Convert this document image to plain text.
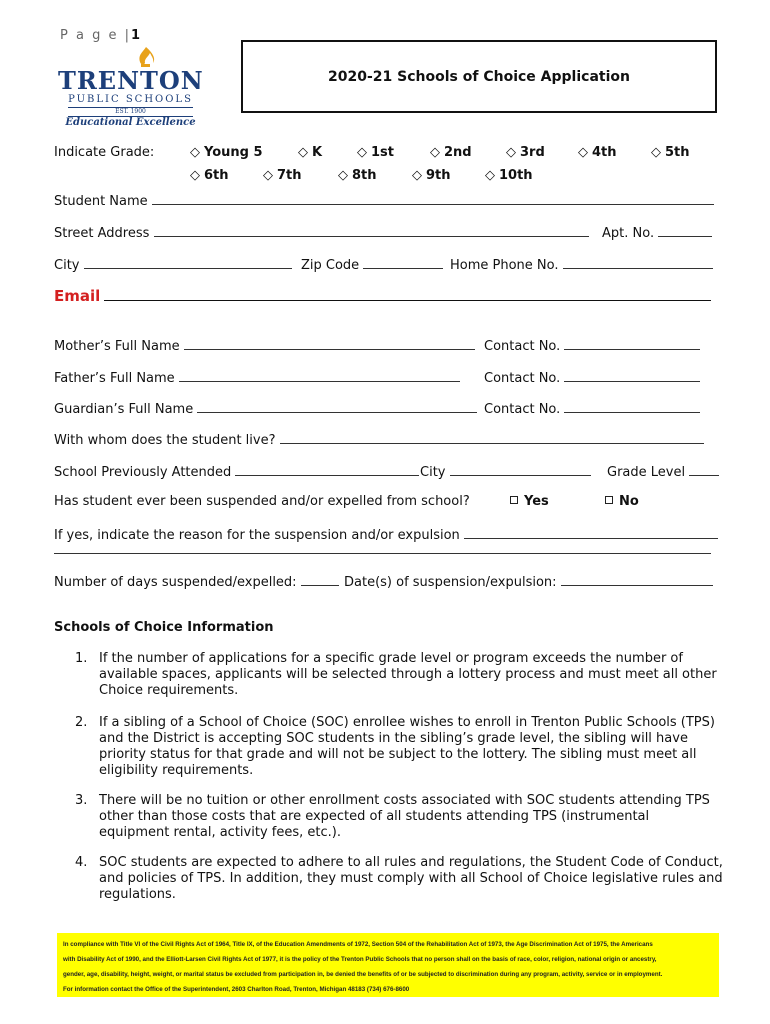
P a g e |1
TRENTON
PUBLIC SCHOOLS
EST. 1900
Educational Excellence
2020-21 Schools of Choice Application
Indicate Grade:	◇ Young 5	◇ K	◇ 1st	◇ 2nd	◇ 3rd	◇ 4th	◇ 5th
◇ 6th	◇ 7th	◇ 8th	◇ 9th	◇ 10th
Student Name
Street Address	Apt. No.
City	Zip Code	Home Phone No.
Email
Mother’s Full Name	Contact No.
Father’s Full Name	Contact No.
Guardian’s Full Name	Contact No.
With whom does the student live?
School Previously Attended	City	Grade Level
Has student ever been suspended and/or expelled from school?	Yes	No
If yes, indicate the reason for the suspension and/or expulsion
Number of days suspended/expelled:	Date(s) of suspension/expulsion:
Schools of Choice Information
1. If the number of applications for a specific grade level or program exceeds the number of available spaces, applicants will be selected through a lottery process and must meet all other Choice requirements.
2. If a sibling of a School of Choice (SOC) enrollee wishes to enroll in Trenton Public Schools (TPS) and the District is accepting SOC students in the sibling’s grade level, the sibling will have priority status for that grade and will not be subject to the lottery. The sibling must meet all eligibility requirements.
3. There will be no tuition or other enrollment costs associated with SOC students attending TPS other than those costs that are expected of all students attending TPS (instrumental equipment rental, activity fees, etc.).
4. SOC students are expected to adhere to all rules and regulations, the Student Code of Conduct, and policies of TPS. In addition, they must comply with all School of Choice legislative rules and regulations.

In compliance with Title VI of the Civil Rights Act of 1964, Title IX, of the Education Amendments of 1972, Section 504 of the Rehabilitation Act of 1973, the Age Discrimination Act of 1975, the Americans

with Disability Act of 1990, and the Elliott-Larsen Civil Rights Act of 1977, it is the policy of the Trenton Public Schools that no person shall on the basis of race, color, religion, national origin or ancestry,

gender, age, disability, height, weight, or marital status be excluded from participation in, be denied the benefits of or be subjected to discrimination during any program, activity, service or in employment.

For information contact the Office of the Superintendent, 2603 Charlton Road, Trenton, Michigan 48183 (734) 676-8600
